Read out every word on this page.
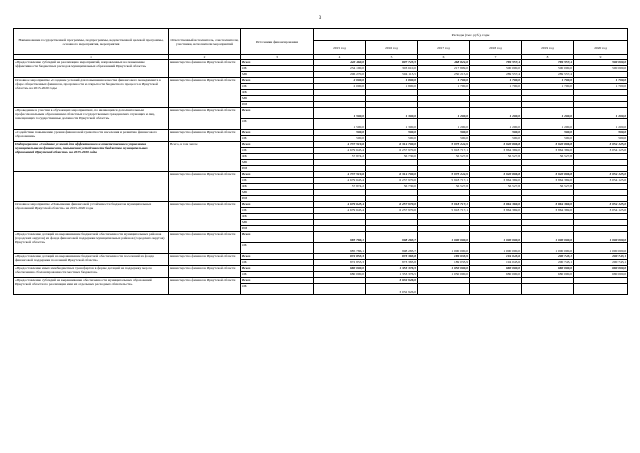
3
Наименование государственной программы, подпрограммы, ведомственной целевой программы, основного мероприятия, мероприятия	Ответственный исполнитель, соисполнители, участники, исполнители мероприятий	Источники финансирования	Расходы (тыс. руб.), годы					
			2015 год	2016 год	2017 год	2018 год	2019 год	2020 год
1	2	3	4	5	6	7	8	9
«Предоставление субсидий на реализацию мероприятий, направленных на повышение эффективности бюджетных расходов муниципальных образований Иркутской области»	министерство финансов Иркутской области	Всего	440 460,0	807 723,5	468 824,6	789 557,4	789 557,4	500 000,0
		ОБ	234 190,0	303 610,0	217 809,0	500 000,0	500 000,0	500 000,0
		МБ	206 270,0	504 113,5	250 215,6	289 557,4	289 557,4	
Основное мероприятие «Создание условий для повышения качества финансового менеджмента в сфере общественных финансов, прозрачности и открытости бюджетного процесса в Иркутской области» на 2015-2020 годы	министерство финансов Иркутской области	Всего	2 000,0	1 800,0	1 700,0	1 700,0	1 700,0	1 700,0
		ОБ	2 000,0	1 800,0	1 700,0	1 700,0	1 700,0	1 700,0
		ФБ						
		МБ						
		ИИ						
«Проведение в участии в обучающих мероприятиях, по являющихся дополнительным профессиональным образованием областных государственных гражданских служащих и лиц, замещающих государственные должности Иркутской области»	министерство финансов Иркутской области	Всего	1 500,0	1 300,0	1 200,0	1 200,0	1 200,0	1 200,0
		ОБ	1 500,0	1 300,0	1 200,0	1 200,0	1 200,0	1 200,0
«Содействие повышению уровня финансовой грамотности населения и развитию финансового образования»	министерство финансов Иркутской области	Всего	500,0	500,0	500,0	500,0	500,0	500,0
		ОБ	500,0	500,0	500,0	500,0	500,0	500,0
Подпрограмма «Создание условий для эффективного и ответственного управления муниципальными финансами, повышения устойчивости бюджетов муниципальных образований Иркутской области» на 2015-2020 годы	Всего, в том числе	Всего	4 737 519,6	6 314 700,0	5 975 244,9	3 920 896,8	3 920 896,8	3 054 125,0
		ОБ	4 679 645,4	6 257 970,0	5 918 717,1	3 864 369,0	3 864 369,0	3 054 125,0
		ФБ	57 874,2	56 730,0	56 527,8	56 527,8	56 527,8	
		МБ						
		ИИ						
	министерство финансов Иркутской области	Всего	4 737 519,6	6 314 700,0	5 975 244,9	3 920 896,8	3 920 896,8	3 054 125,0
		ОБ	4 679 645,4	6 257 970,0	5 918 717,1	3 864 369,0	3 864 369,0	3 054 125,0
		ФБ	57 874,2	56 730,0	56 527,8	56 527,8	56 527,8	
		МБ						
		ИИ						
Основное мероприятие «Повышение финансовой устойчивости бюджетов муниципальных образований Иркутской области» на 2015-2020 годы	министерство финансов Иркутской области	Всего	4 679 645,4	6 257 970,0	5 918 717,1	3 864 369,0	3 864 369,0	3 054 125,0
		ОБ	4 679 645,4	6 257 970,0	5 918 717,1	3 864 369,0	3 864 369,0	3 054 125,0
		ФБ						
		МБ						
		ИИ						
«Предоставление дотаций на выравнивание бюджетной обеспеченности муниципальных районов (городских округов) из фонда финансовой поддержки муниципальных районов (городских округов) Иркутской области»	министерство финансов Иркутской области	Всего	985 786,1	998 283,7	1 000 000,0	1 000 000,0	1 000 000,0	1 000 000,0
		ОБ	985 786,1	998 283,7	1 000 000,0	1 000 000,0	1 000 000,0	1 000 000,0
«Предоставление дотаций на выравнивание бюджетной обеспеченности поселений из фонда финансовой поддержки поселений Иркутской области»	министерство финансов Иркутской области	Всего	872 853,3	873 383,8	189 033,9	194 043,6	200 743,1	200 743,1
		ОБ	872 853,3	873 383,8	189 033,9	194 043,6	200 743,1	200 743,1
«Предоставление иных межбюджетных трансфертов в форме дотаций на поддержку мер по обеспечению сбалансированности местных бюджетов»	министерство финансов Иркутской области	Всего	680 000,0	1 353 376,5	1 050 000,0	680 000,0	680 000,0	680 000,0
		ОБ	680 000,0	1 353 376,5	1 050 000,0	680 000,0	680 000,0	680 000,0
«Предоставление субсидий на выравнивание обеспеченности муниципальных образований Иркутской области по реализации ими их отдельных расходных обязательств»	министерство финансов Иркутской области	Всего		3 032 926,0				
		ОБ		3 032 926,0				
